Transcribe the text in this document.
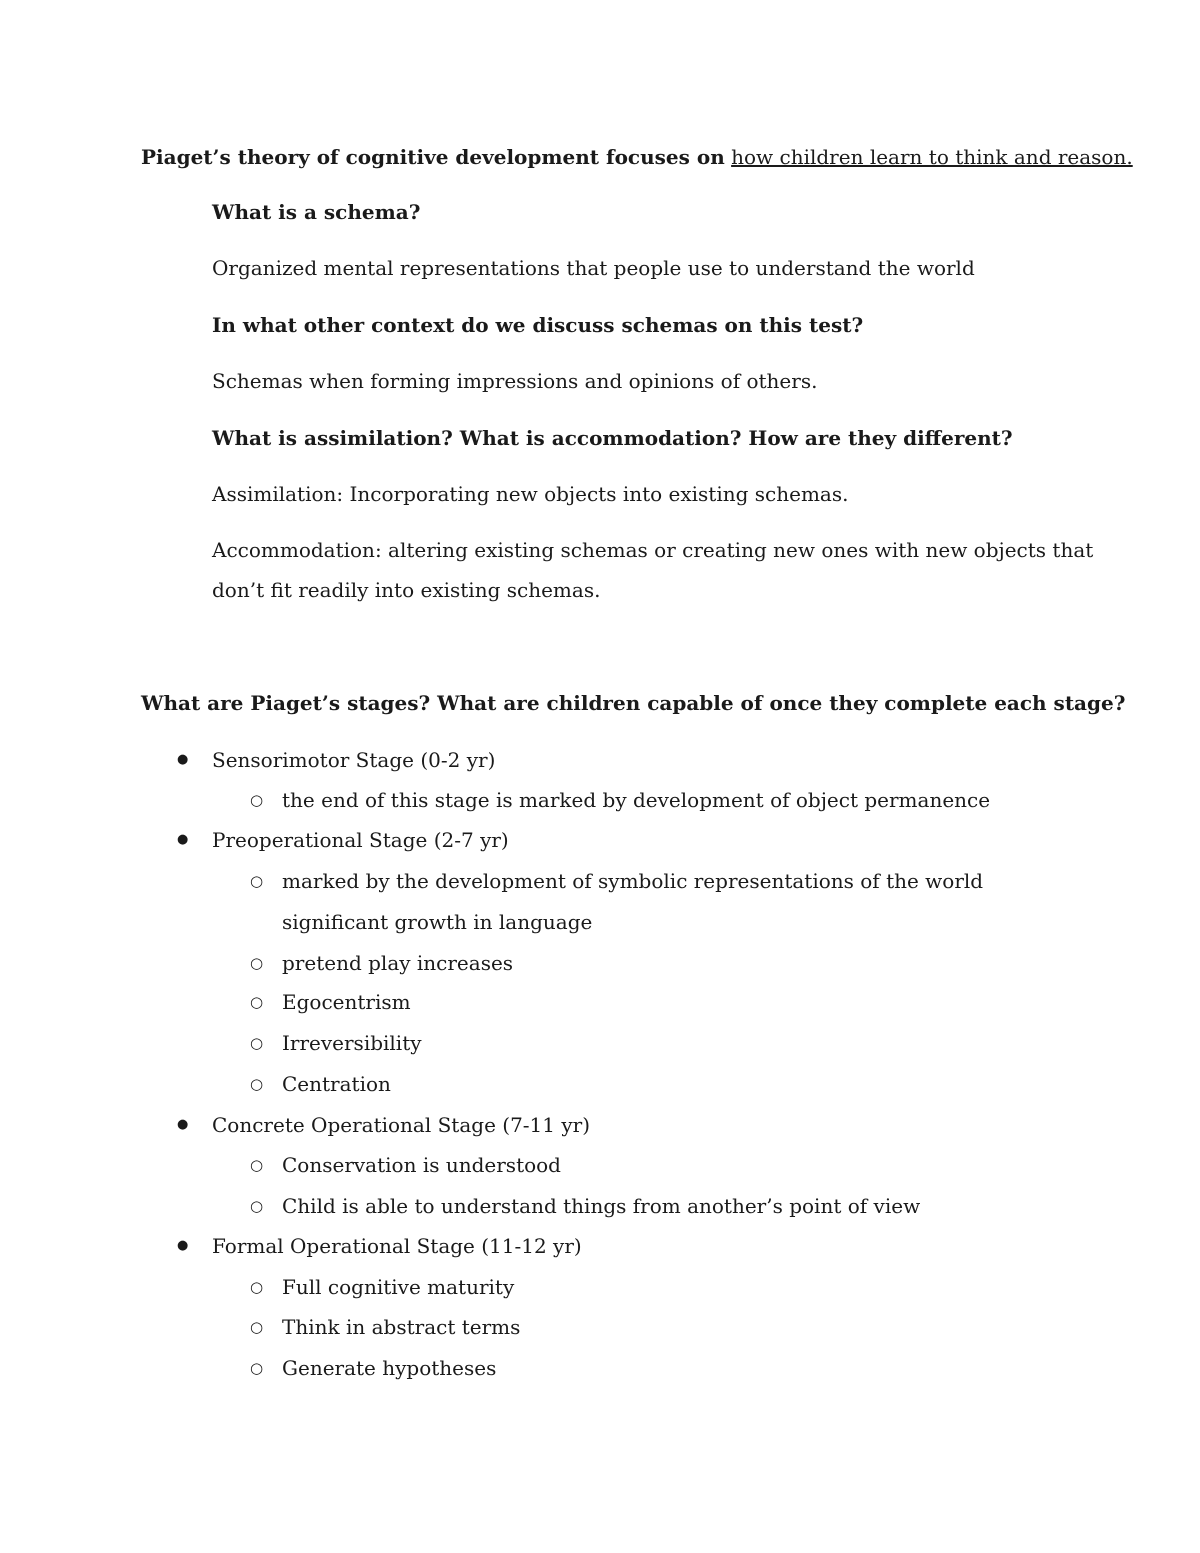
Piaget’s theory of cognitive development focuses on how children learn to think and reason.

What is a schema?

Organized mental representations that people use to understand the world

In what other context do we discuss schemas on this test?

Schemas when forming impressions and opinions of others.

What is assimilation? What is accommodation? How are they different?

Assimilation: Incorporating new objects into existing schemas.

Accommodation: altering existing schemas or creating new ones with new objects that

don’t fit readily into existing schemas.

What are Piaget’s stages? What are children capable of once they complete each stage?

● Sensorimotor Stage (0-2 yr)

○ the end of this stage is marked by development of object permanence

● Preoperational Stage (2-7 yr)

○ marked by the development of symbolic representations of the world

significant growth in language

○ pretend play increases

○ Egocentrism

○ Irreversibility

○ Centration

● Concrete Operational Stage (7-11 yr)

○ Conservation is understood

○ Child is able to understand things from another’s point of view

● Formal Operational Stage (11-12 yr)

○ Full cognitive maturity

○ Think in abstract terms

○ Generate hypotheses
